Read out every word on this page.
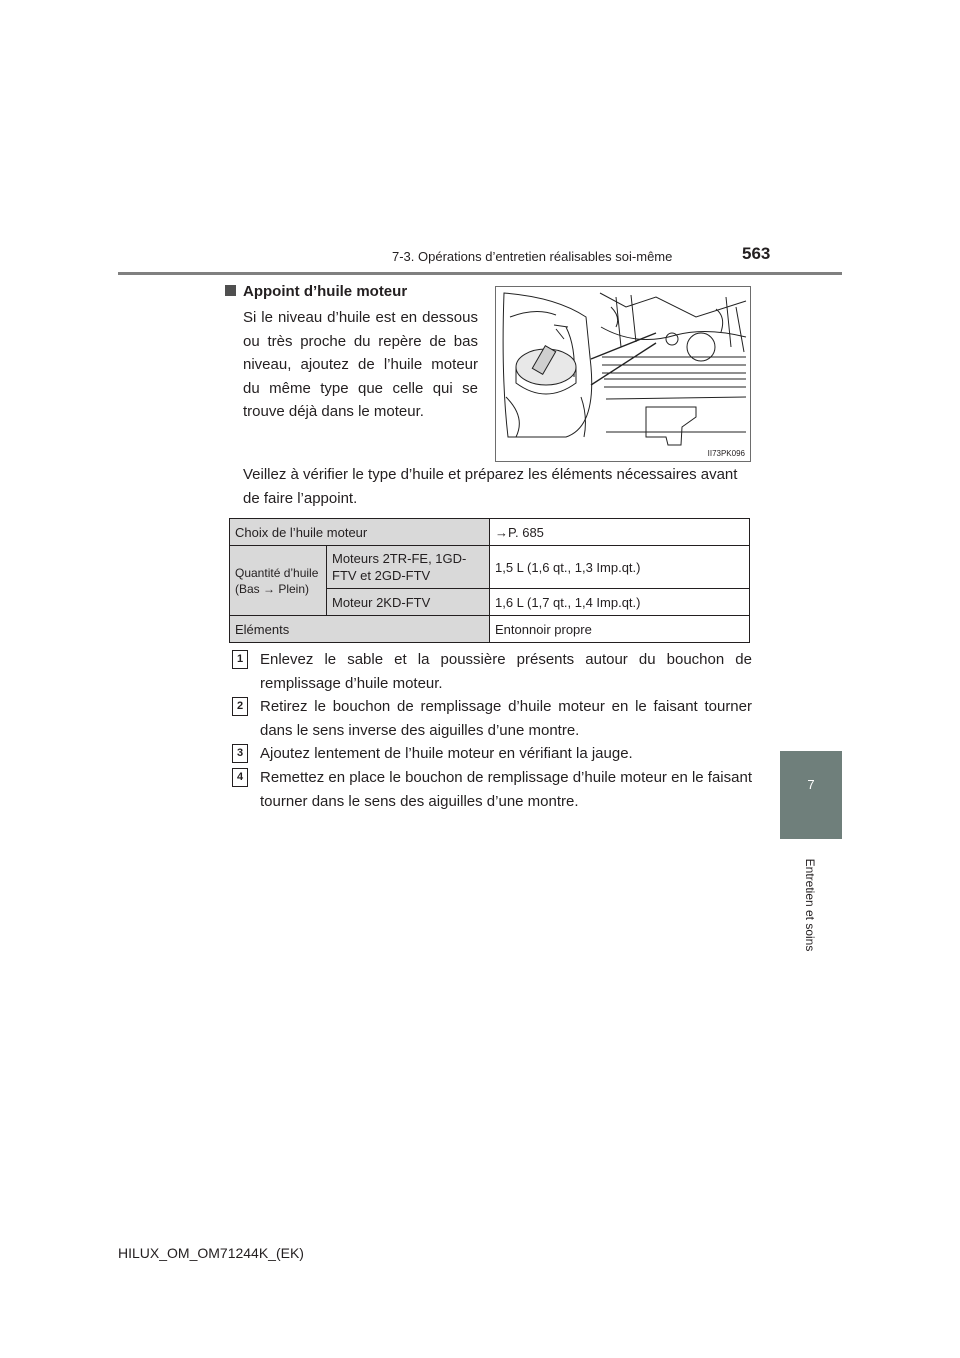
7-3. Opérations d’entretien réalisables soi-même	563
7
Entretien et soins
Appoint d’huile moteur
Si le niveau d’huile est en dessous ou très proche du repère de bas niveau, ajoutez de l’huile moteur du même type que celle qui se trouve déjà dans le moteur.
II73PK096
Veillez à vérifier le type d’huile et préparez les éléments nécessaires avant de faire l’appoint.
Choix de l’huile moteur		→P. 685
Quantité d’huile (Bas → Plein)	Moteurs 2TR-FE, 1GD-FTV et 2GD-FTV	1,5 L (1,6 qt., 1,3 Imp.qt.)
	Moteur 2KD-FTV	1,6 L (1,7 qt., 1,4 Imp.qt.)
Eléments		Entonnoir propre
1	Enlevez le sable et la poussière présents autour du bouchon de remplissage d’huile moteur.
2	Retirez le bouchon de remplissage d’huile moteur en le faisant tourner dans le sens inverse des aiguilles d’une montre.
3	Ajoutez lentement de l’huile moteur en vérifiant la jauge.
4	Remettez en place le bouchon de remplissage d’huile moteur en le faisant tourner dans le sens des aiguilles d’une montre.
HILUX_OM_OM71244K_(EK)
